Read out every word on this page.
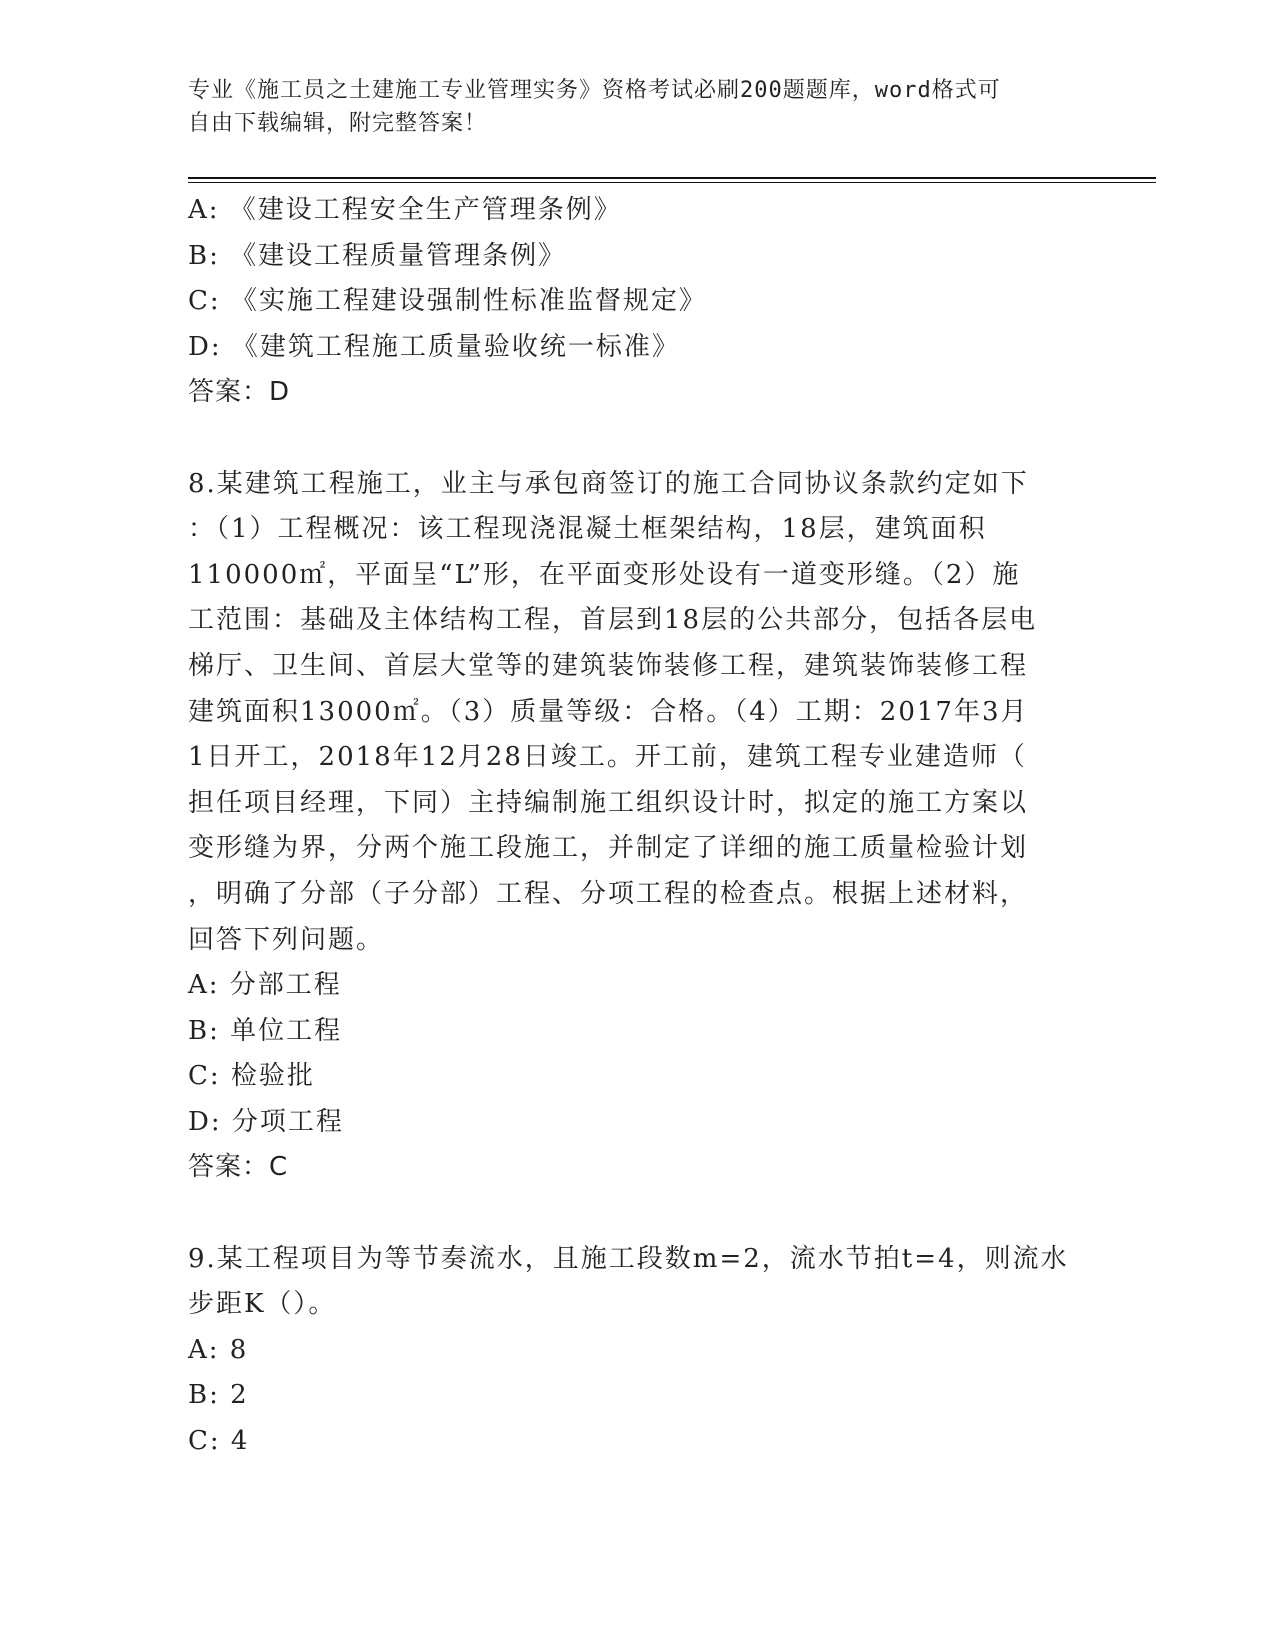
专业《施工员之土建施工专业管理实务》资格考试必刷200题题库，word格式可
自由下载编辑，附完整答案！
A: 《建设工程安全生产管理条例》
B: 《建设工程质量管理条例》
C: 《实施工程建设强制性标准监督规定》
D: 《建筑工程施工质量验收统一标准》
答案：D
8.某建筑工程施工，业主与承包商签订的施工合同协议条款约定如下
：（1）工程概况：该工程现浇混凝土框架结构，18层，建筑面积
110000㎡，平面呈“L”形，在平面变形处设有一道变形缝。（2）施
工范围：基础及主体结构工程，首层到18层的公共部分，包括各层电
梯厅、卫生间、首层大堂等的建筑装饰装修工程，建筑装饰装修工程
建筑面积13000㎡。（3）质量等级：合格。（4）工期：2017年3月
1日开工，2018年12月28日竣工。开工前，建筑工程专业建造师（
担任项目经理，下同）主持编制施工组织设计时，拟定的施工方案以
变形缝为界，分两个施工段施工，并制定了详细的施工质量检验计划
，明确了分部（子分部）工程、分项工程的检查点。根据上述材料，
回答下列问题。
A: 分部工程
B: 单位工程
C: 检验批
D: 分项工程
答案：C
9.某工程项目为等节奏流水，且施工段数m=2，流水节拍t=4，则流水
步距K（）。
A: 8
B: 2
C: 4
